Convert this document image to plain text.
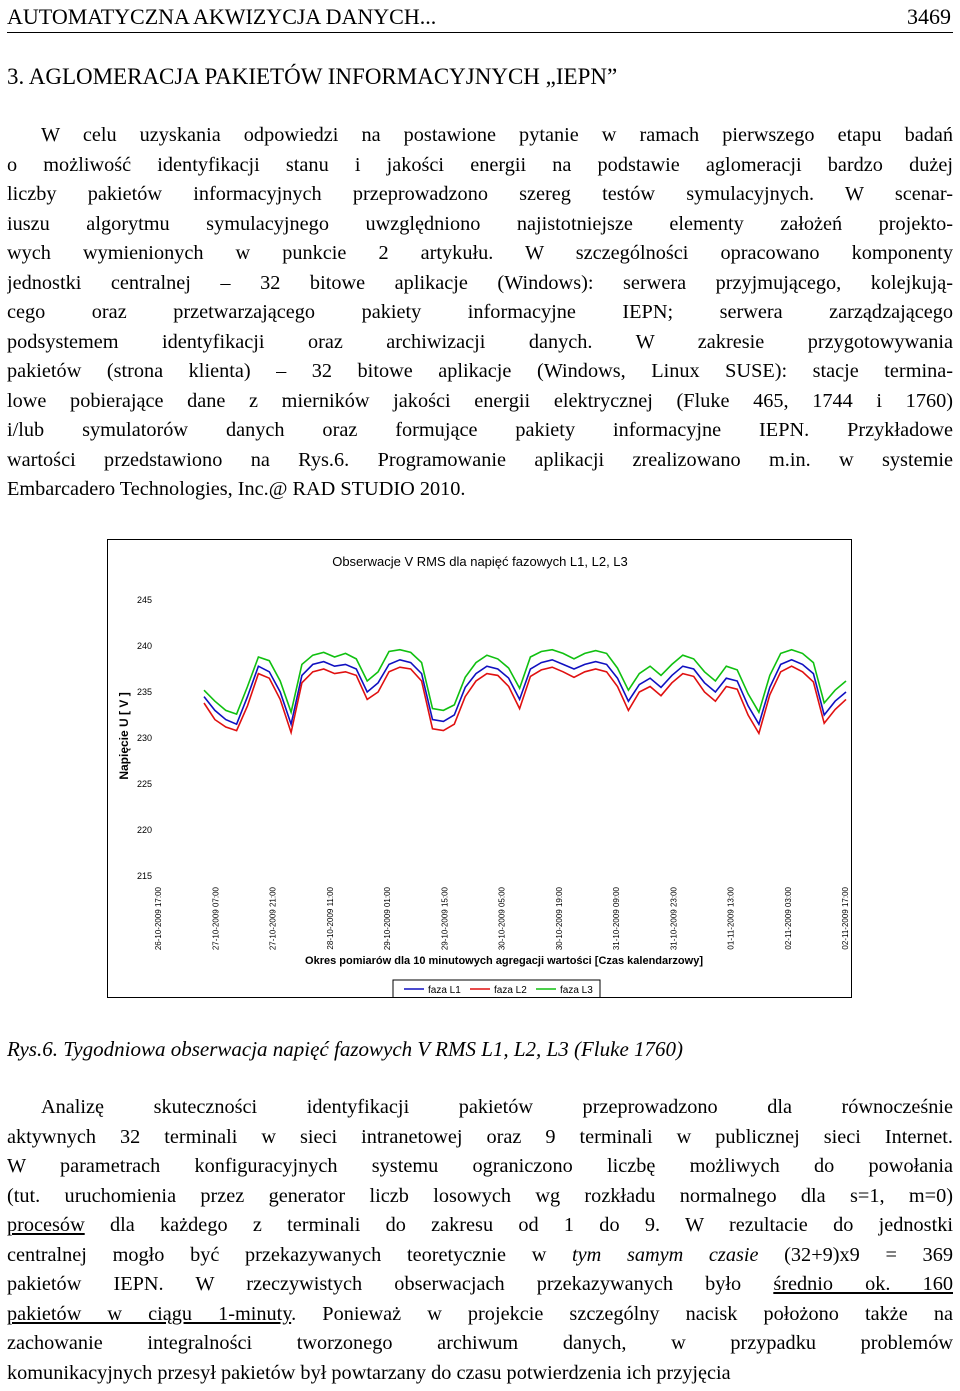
AUTOMATYCZNA AKWIZYCJA DANYCH...	3469
3. AGLOMERACJA PAKIETÓW INFORMACYJNYCH „IEPN”
W celu uzyskania odpowiedzi na postawione pytanie w ramach pierwszego etapu badań
o możliwość identyfikacji stanu i jakości energii na podstawie aglomeracji bardzo dużej
liczby pakietów informacyjnych przeprowadzono szereg testów symulacyjnych. W scenar-
iuszu algorytmu symulacyjnego uwzględniono najistotniejsze elementy założeń projekto-
wych wymienionych w punkcie 2 artykułu. W szczególności opracowano komponenty
jednostki centralnej – 32 bitowe aplikacje (Windows): serwera przyjmującego, kolejkują-
cego oraz przetwarzającego pakiety informacyjne IEPN; serwera zarządzającego
podsystemem identyfikacji oraz archiwizacji danych. W zakresie przygotowywania
pakietów (strona klienta) – 32 bitowe aplikacje (Windows, Linux SUSE): stacje termina-
lowe pobierające dane z mierników jakości energii elektrycznej (Fluke 465, 1744 i 1760)
i/lub symulatorów danych oraz formujące pakiety informacyjne IEPN. Przykładowe
wartości przedstawiono na Rys.6. Programowanie aplikacji zrealizowano m.in. w systemie
Embarcadero Technologies, Inc.@ RAD STUDIO 2010.
Obserwacje V RMS dla napięć fazowych L1, L2, L3
Napięcie U [ V ]
Okres pomiarów dla 10 minutowych agregacji wartości [Czas kalendarzowy]
245
240
235
230
225
220
215
26-10-2009 17:00	27-10-2009 07:00	27-10-2009 21:00	28-10-2009 11:00	29-10-2009 01:00	29-10-2009 15:00	30-10-2009 05:00	30-10-2009 19:00	31-10-2009 09:00	31-10-2009 23:00	01-11-2009 13:00	02-11-2009 03:00	02-11-2009 17:00
faza L1	faza L2	faza L3
Rys.6. Tygodniowa obserwacja napięć fazowych V RMS L1, L2, L3 (Fluke 1760)
Analizę skuteczności identyfikacji pakietów przeprowadzono dla równocześnie
aktywnych 32 terminali w sieci intranetowej oraz 9 terminali w publicznej sieci Internet.
W parametrach konfiguracyjnych systemu ograniczono liczbę możliwych do powołania
(tut. uruchomienia przez generator liczb losowych wg rozkładu normalnego dla s=1, m=0)
procesów dla każdego z terminali do zakresu od 1 do 9. W rezultacie do jednostki
centralnej mogło być przekazywanych teoretycznie w tym samym czasie (32+9)x9 = 369
pakietów IEPN. W rzeczywistych obserwacjach przekazywanych było średnio ok. 160
pakietów w ciągu 1-minuty. Ponieważ w projekcie szczególny nacisk położono także na
zachowanie integralności tworzonego archiwum danych, w przypadku problemów
komunikacyjnych przesył pakietów był powtarzany do czasu potwierdzenia ich przyjęcia
